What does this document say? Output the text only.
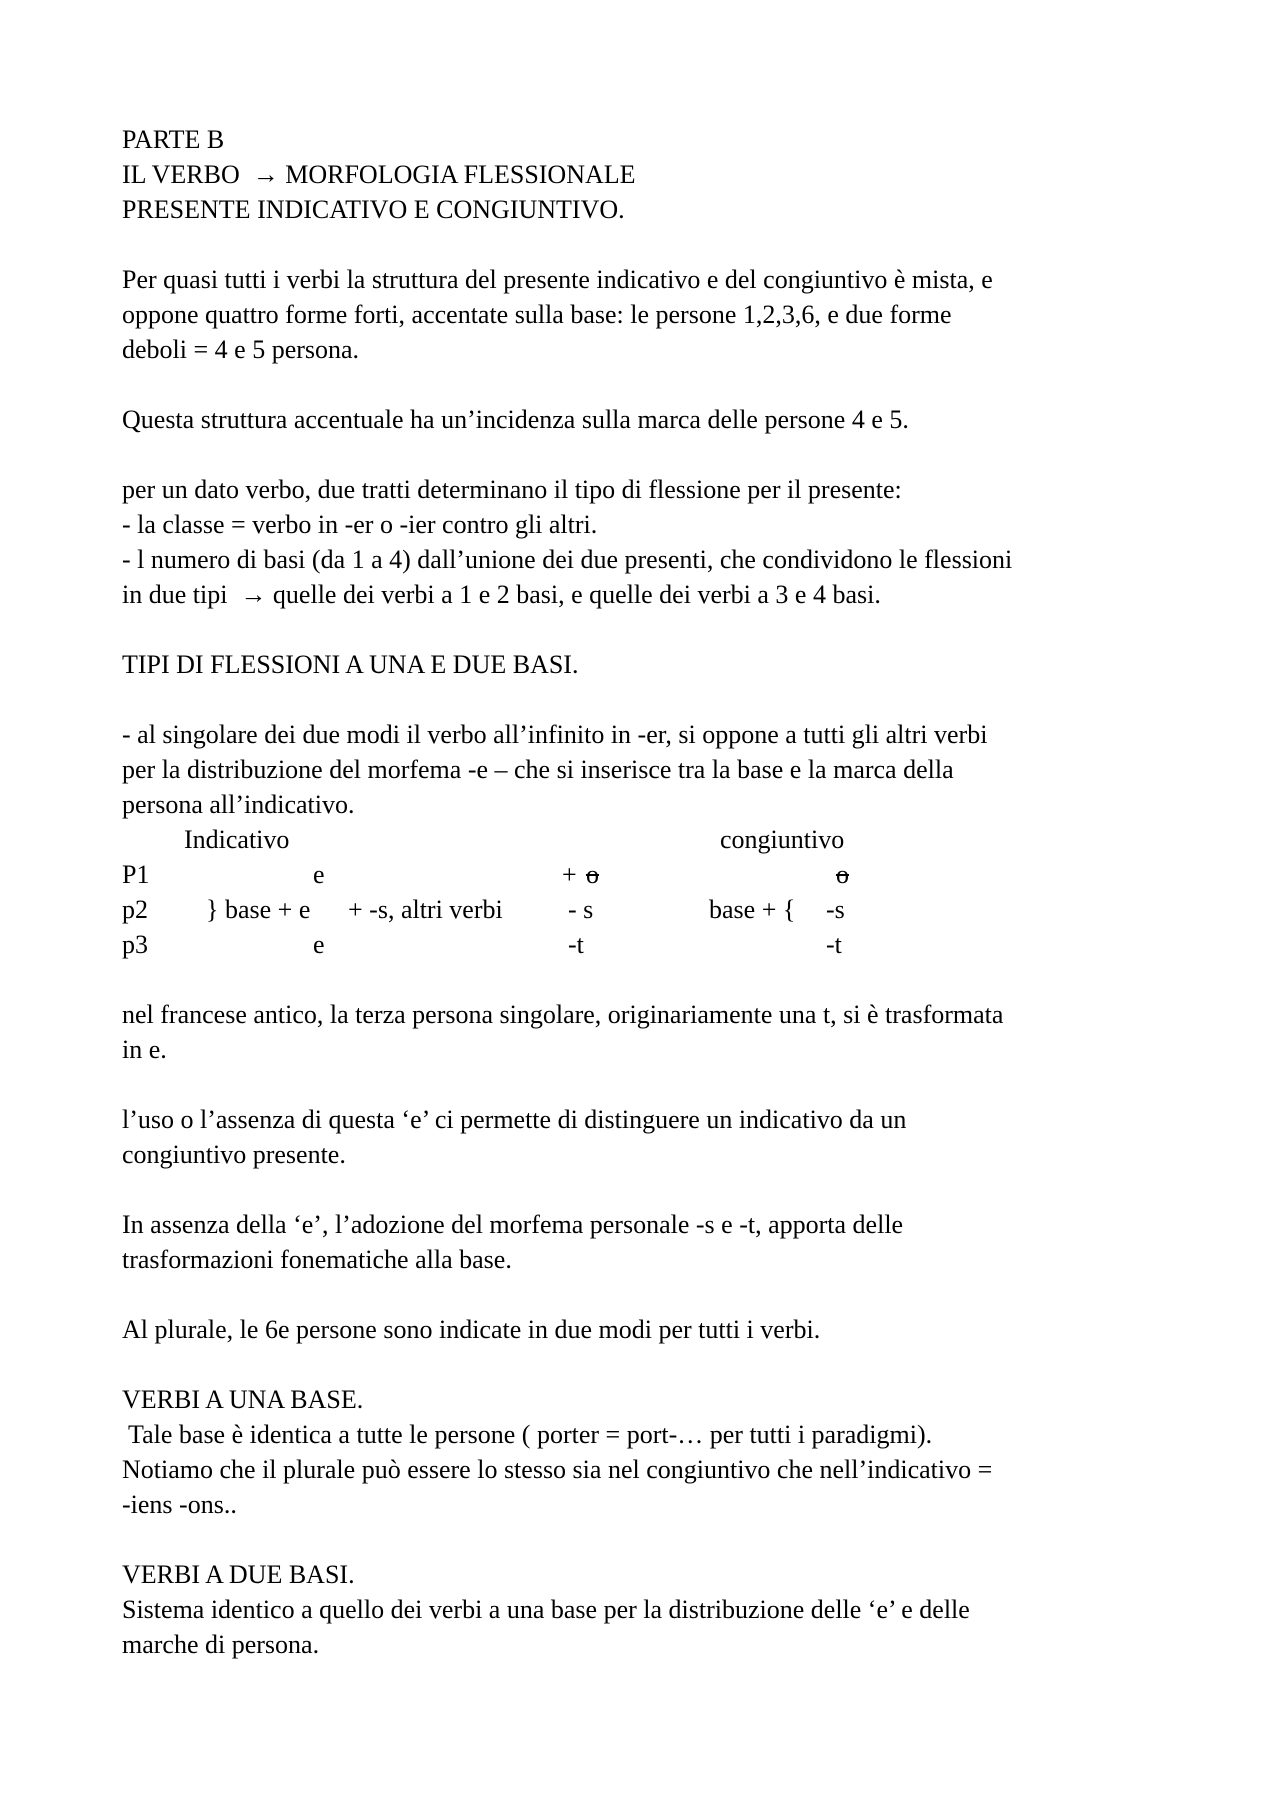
PARTE B
IL VERBO  → MORFOLOGIA FLESSIONALE
PRESENTE INDICATIVO E CONGIUNTIVO.
Per quasi tutti i verbi la struttura del presente indicativo e del congiuntivo è mista, e
oppone quattro forme forti, accentate sulla base: le persone 1,2,3,6, e due forme
deboli = 4 e 5 persona.
Questa struttura accentuale ha un’incidenza sulla marca delle persone 4 e 5.
per un dato verbo, due tratti determinano il tipo di flessione per il presente:
- la classe = verbo in -er o -ier contro gli altri.
- l numero di basi (da 1 a 4) dall’unione dei due presenti, che condividono le flessioni
in due tipi  → quelle dei verbi a 1 e 2 basi, e quelle dei verbi a 3 e 4 basi.
TIPI DI FLESSIONI A UNA E DUE BASI.
- al singolare dei due modi il verbo all’infinito in -er, si oppone a tutti gli altri verbi
per la distribuzione del morfema -e – che si inserisce tra la base e la marca della
persona all’indicativo.
Indicativo	congiuntivo
P1	e	+ o	o
p2 } base + e + -s, altri verbi	- s	base + { -s
p3	e	-t	-t
nel francese antico, la terza persona singolare, originariamente una t, si è trasformata
in e.
l’uso o l’assenza di questa ‘e’ ci permette di distinguere un indicativo da un
congiuntivo presente.
In assenza della ‘e’, l’adozione del morfema personale -s e -t, apporta delle
trasformazioni fonematiche alla base.
Al plurale, le 6e persone sono indicate in due modi per tutti i verbi.
VERBI A UNA BASE.
Tale base è identica a tutte le persone ( porter = port-… per tutti i paradigmi).
Notiamo che il plurale può essere lo stesso sia nel congiuntivo che nell’indicativo =
-iens -ons..
VERBI A DUE BASI.
Sistema identico a quello dei verbi a una base per la distribuzione delle ‘e’ e delle
marche di persona.
